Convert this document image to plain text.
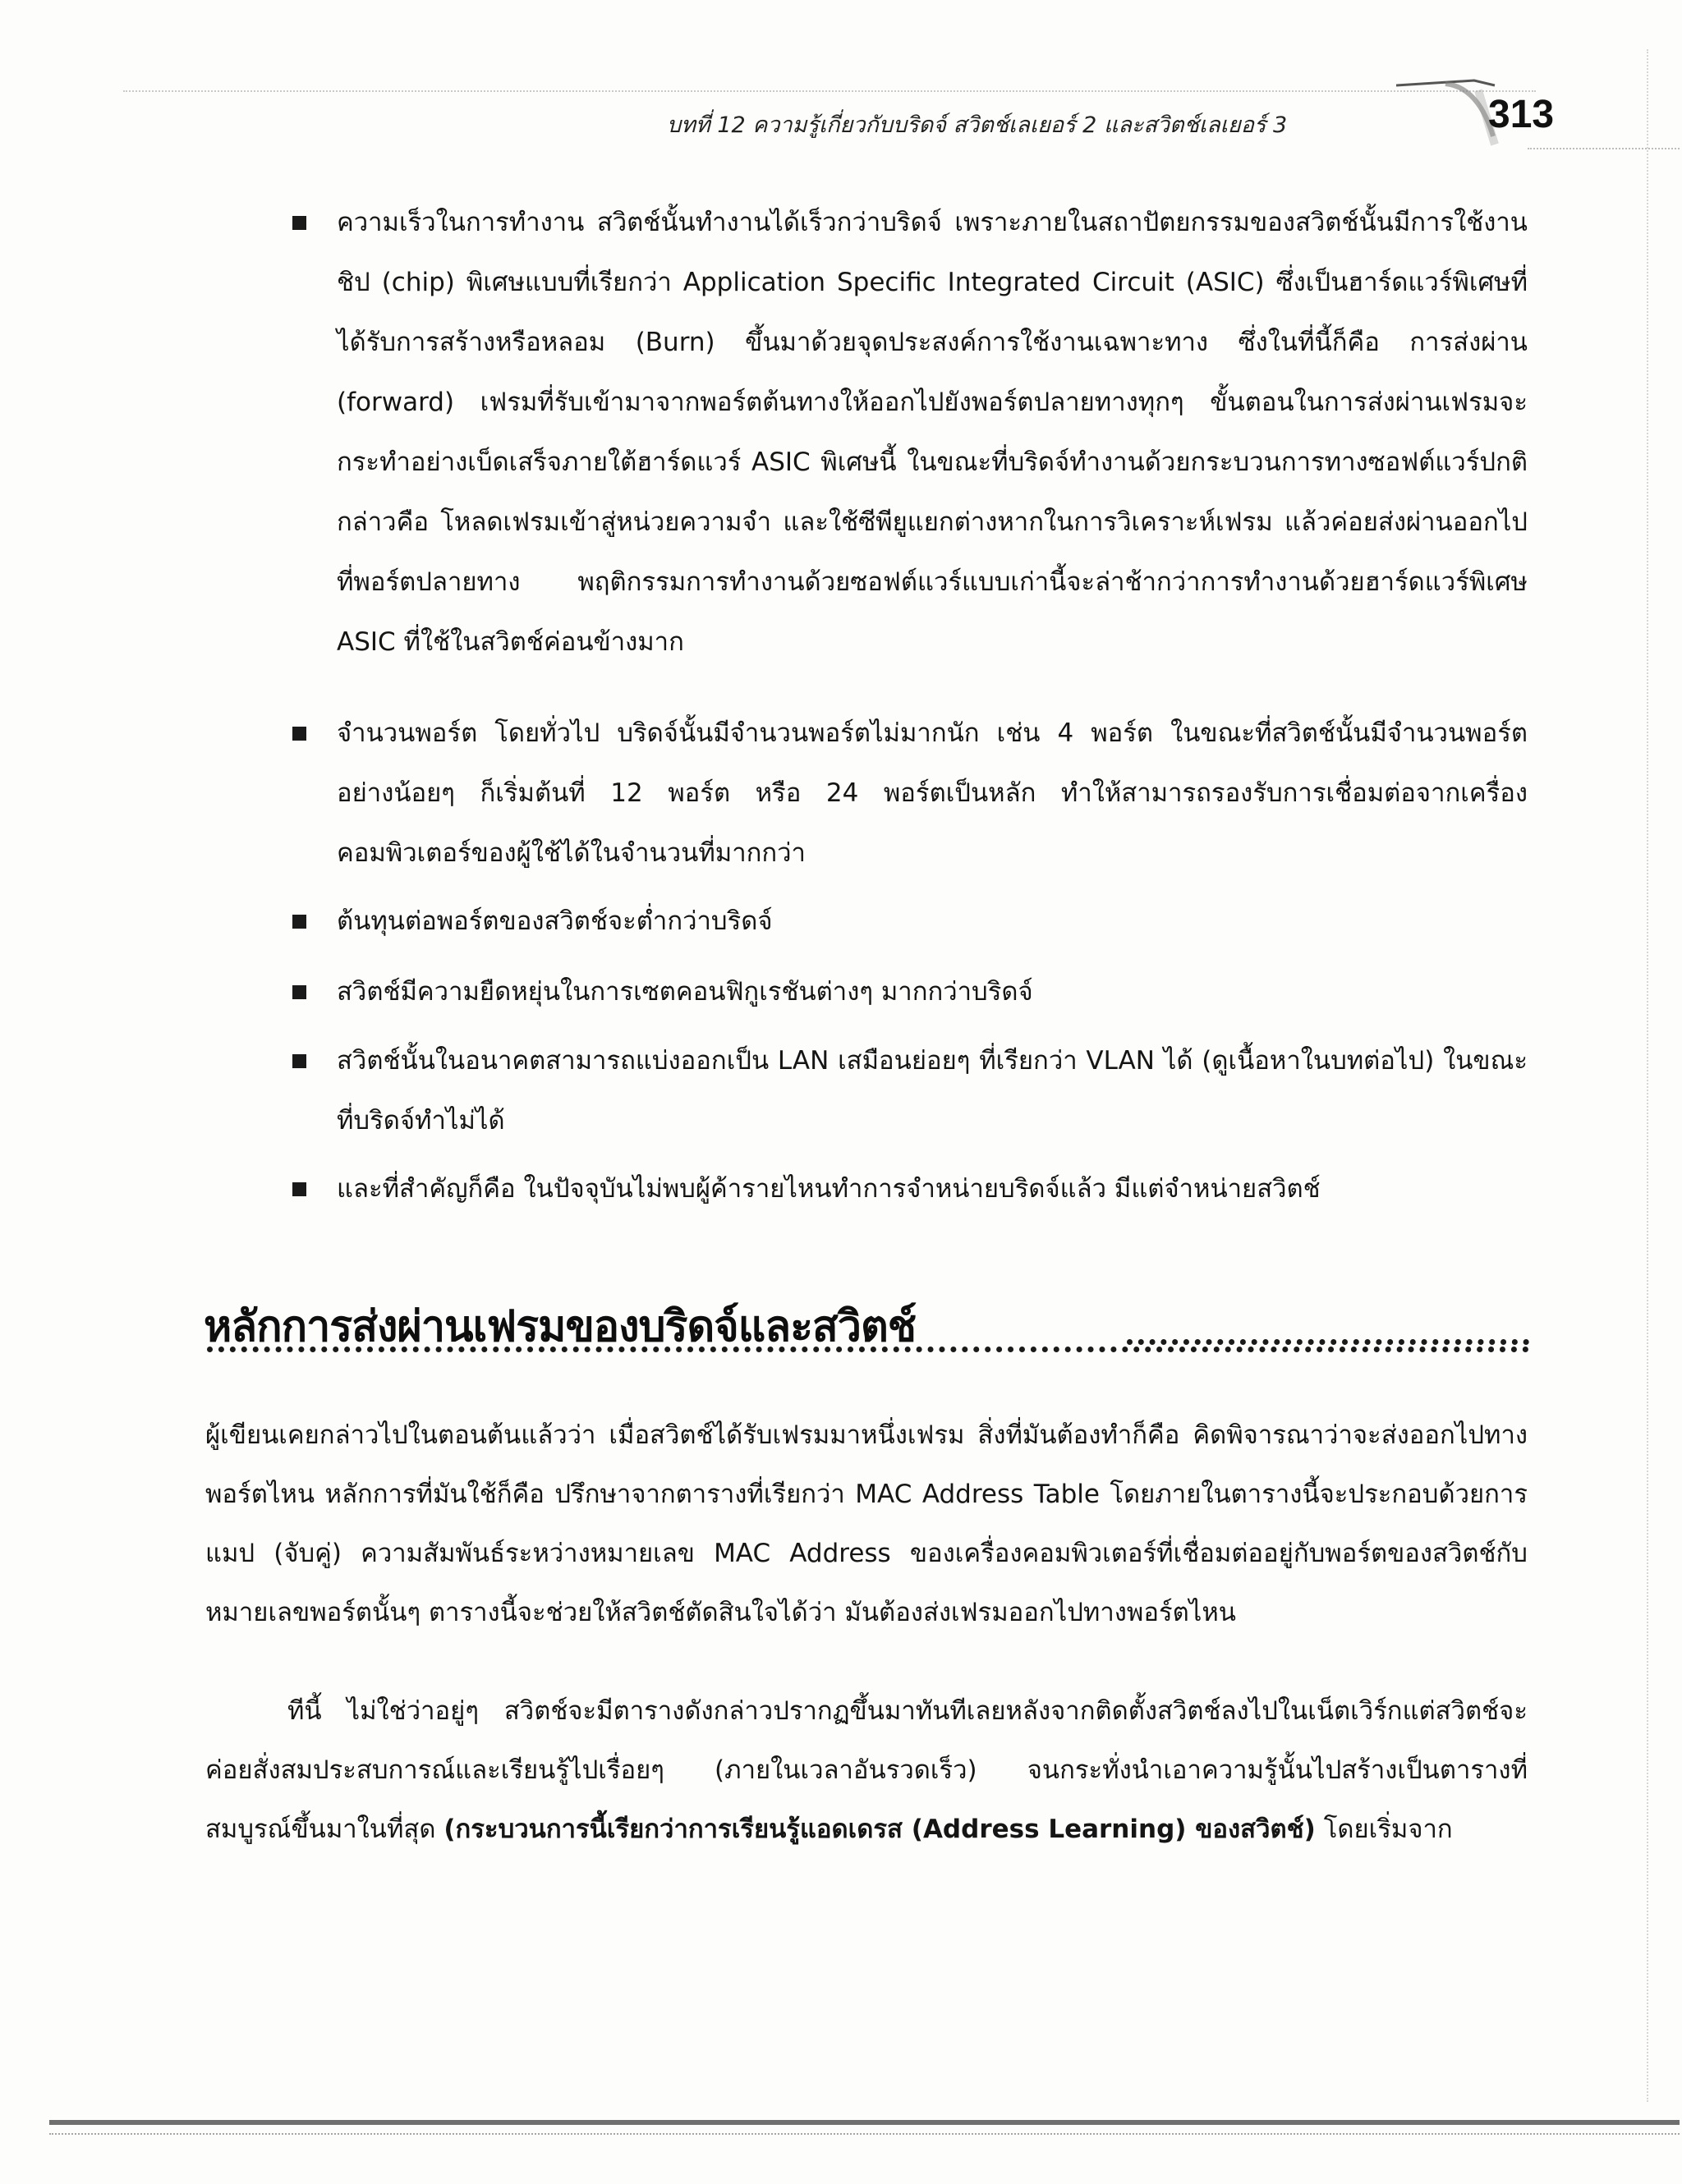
บทที่ 12 ความรู้เกี่ยวกับบริดจ์ สวิตช์เลเยอร์ 2 และสวิตช์เลเยอร์ 3	313
ความเร็วในการทำงาน สวิตช์นั้นทำงานได้เร็วกว่าบริดจ์ เพราะภายในสถาปัตยกรรมของสวิตช์นั้นมีการใช้งานชิป (chip) พิเศษแบบที่เรียกว่า Application Specific Integrated Circuit (ASIC) ซึ่งเป็นฮาร์ดแวร์พิเศษที่ได้รับการสร้างหรือหลอม (Burn) ขึ้นมาด้วยจุดประสงค์การใช้งานเฉพาะทาง ซึ่งในที่นี้ก็คือ การส่งผ่าน (forward) เฟรมที่รับเข้ามาจากพอร์ตต้นทางให้ออกไปยังพอร์ตปลายทางทุกๆ ขั้นตอนในการส่งผ่านเฟรมจะกระทำอย่างเบ็ดเสร็จภายใต้ฮาร์ดแวร์ ASIC พิเศษนี้ ในขณะที่บริดจ์ทำงานด้วยกระบวนการทางซอฟต์แวร์ปกติ กล่าวคือ โหลดเฟรมเข้าสู่หน่วยความจำ และใช้ซีพียูแยกต่างหากในการวิเคราะห์เฟรม แล้วค่อยส่งผ่านออกไปที่พอร์ตปลายทาง พฤติกรรมการทำงานด้วยซอฟต์แวร์แบบเก่านี้จะล่าช้ากว่าการทำงานด้วยฮาร์ดแวร์พิเศษ ASIC ที่ใช้ในสวิตช์ค่อนข้างมาก
จำนวนพอร์ต โดยทั่วไป บริดจ์นั้นมีจำนวนพอร์ตไม่มากนัก เช่น 4 พอร์ต ในขณะที่สวิตช์นั้นมีจำนวนพอร์ตอย่างน้อยๆ ก็เริ่มต้นที่ 12 พอร์ต หรือ 24 พอร์ตเป็นหลัก ทำให้สามารถรองรับการเชื่อมต่อจากเครื่องคอมพิวเตอร์ของผู้ใช้ได้ในจำนวนที่มากกว่า
ต้นทุนต่อพอร์ตของสวิตช์จะต่ำกว่าบริดจ์
สวิตช์มีความยืดหยุ่นในการเซตคอนฟิกูเรชันต่างๆ มากกว่าบริดจ์
สวิตช์นั้นในอนาคตสามารถแบ่งออกเป็น LAN เสมือนย่อยๆ ที่เรียกว่า VLAN ได้ (ดูเนื้อหาในบทต่อไป) ในขณะที่บริดจ์ทำไม่ได้
และที่สำคัญก็คือ ในปัจจุบันไม่พบผู้ค้ารายไหนทำการจำหน่ายบริดจ์แล้ว มีแต่จำหน่ายสวิตช์
หลักการส่งผ่านเฟรมของบริดจ์และสวิตช์
ผู้เขียนเคยกล่าวไปในตอนต้นแล้วว่า เมื่อสวิตช์ได้รับเฟรมมาหนึ่งเฟรม สิ่งที่มันต้องทำก็คือ คิดพิจารณาว่าจะส่งออกไปทางพอร์ตไหน หลักการที่มันใช้ก็คือ ปรึกษาจากตารางที่เรียกว่า MAC Address Table โดยภายในตารางนี้จะประกอบด้วยการแมป (จับคู่) ความสัมพันธ์ระหว่างหมายเลข MAC Address ของเครื่องคอมพิวเตอร์ที่เชื่อมต่ออยู่กับพอร์ตของสวิตช์กับหมายเลขพอร์ตนั้นๆ ตารางนี้จะช่วยให้สวิตช์ตัดสินใจได้ว่า มันต้องส่งเฟรมออกไปทางพอร์ตไหน
ทีนี้ ไม่ใช่ว่าอยู่ๆ สวิตช์จะมีตารางดังกล่าวปรากฏขึ้นมาทันทีเลยหลังจากติดตั้งสวิตช์ลงไปในเน็ตเวิร์กแต่สวิตช์จะค่อยสั่งสมประสบการณ์และเรียนรู้ไปเรื่อยๆ (ภายในเวลาอันรวดเร็ว) จนกระทั่งนำเอาความรู้นั้นไปสร้างเป็นตารางที่สมบูรณ์ขึ้นมาในที่สุด (กระบวนการนี้เรียกว่าการเรียนรู้แอดเดรส (Address Learning) ของสวิตช์) โดยเริ่มจาก
